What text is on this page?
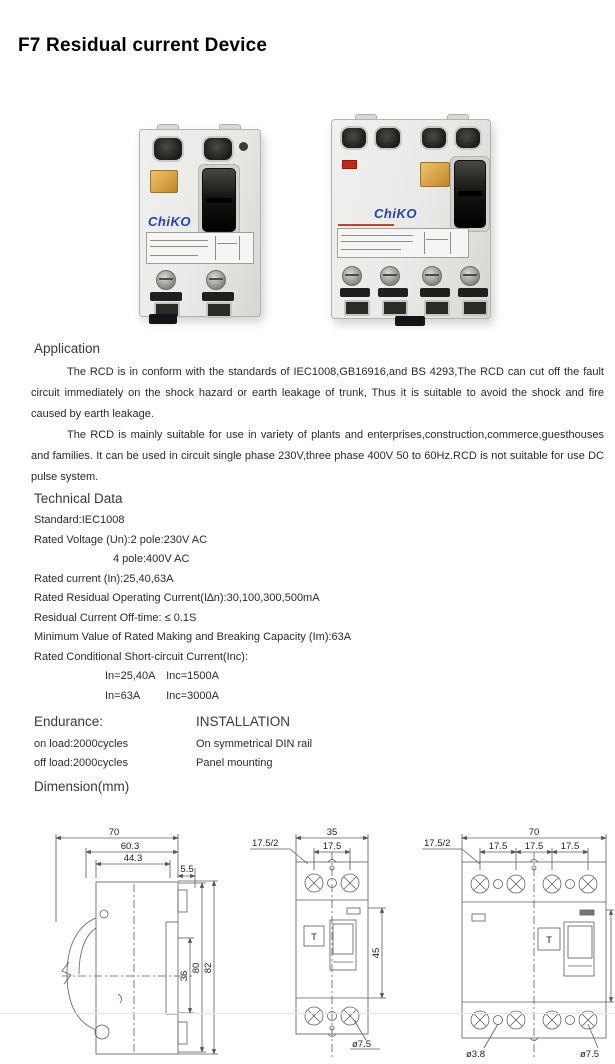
F7 Residual current Device
ChiKO
ChiKO
Application

The RCD is in conform with the standards of IEC1008,GB16916,and BS 4293,The RCD can cut off the fault circuit immediately on the shock hazard or earth leakage of trunk, Thus it is suitable to avoid the shock and fire caused by earth leakage.

The RCD is mainly suitable for use in variety of plants and enterprises,construction,commerce,guesthouses and families. It can be used in circuit single phase 230V,three phase 400V 50 to 60Hz.RCD is not suitable for use DC pulse system.

Technical Data
Standard:IEC1008
Rated Voltage (Un):2 pole:230V AC
4 pole:400V AC
Rated current (In):25,40,63A
Rated Residual Operating Current(I∆n):30,100,300,500mA
Residual Current Off-time: ≤ 0.1S
Minimum Value of Rated Making and Breaking Capacity (Im):63A
Rated Conditional Short-circuit Current(Inc):
In=25,40A Inc=1500A
In=63A Inc=3000A
Endurance:	INSTALLATION
on load:2000cycles
off load:2000cycles
On symmetrical DIN rail
Panel mounting
Dimension(mm)
70
60.3
44.3
5.5
36
80 82
17.5/2
35
17.5
T
45
ø7.5
17.5/2
70
17.5 17.5 17.5
T
ø3.8	ø7.5
